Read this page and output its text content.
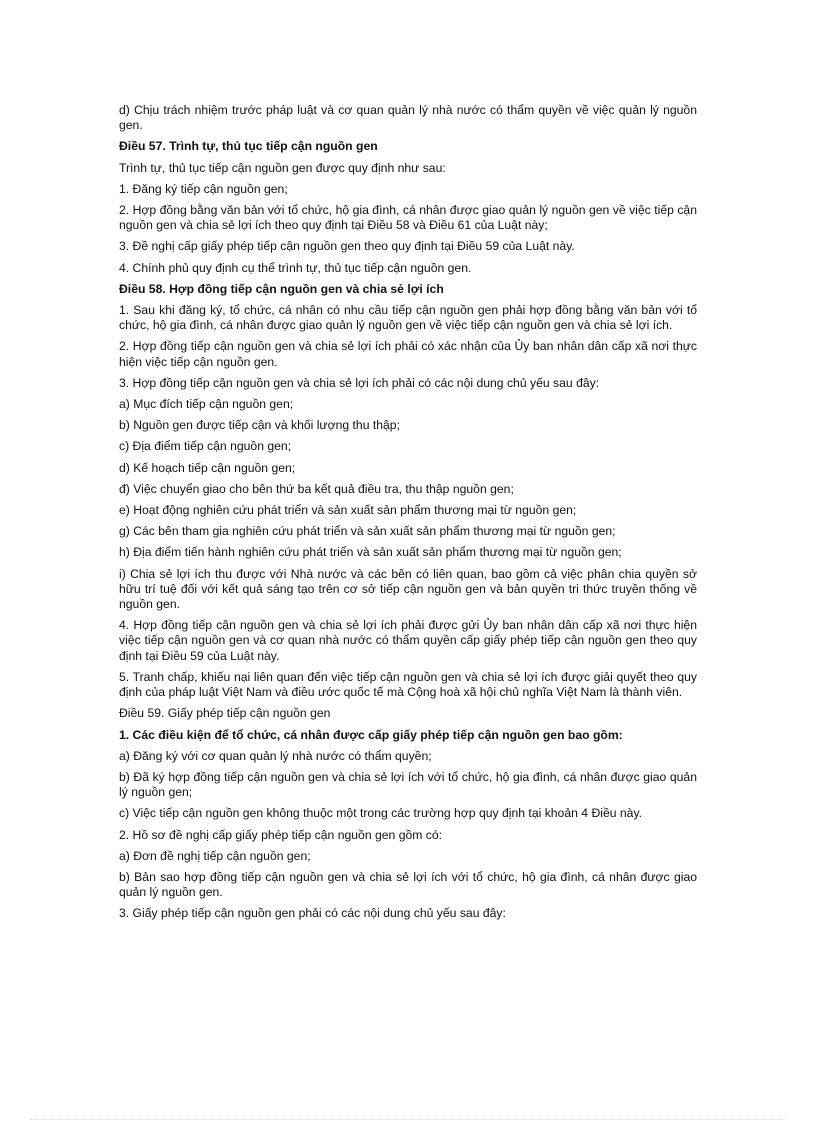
d) Chịu trách nhiệm trước pháp luật và cơ quan quản lý nhà nước có thẩm quyền về việc quản lý nguồn gen.

Điều 57. Trình tự, thủ tục tiếp cận nguồn gen

Trình tự, thủ tục tiếp cận nguồn gen được quy định như sau:

1. Đăng ký tiếp cận nguồn gen;

2. Hợp đồng bằng văn bản với tổ chức, hộ gia đình, cá nhân được giao quản lý nguồn gen về việc tiếp cận nguồn gen và chia sẻ lợi ích theo quy định tại Điều 58 và Điều 61 của Luật này;

3. Đề nghị cấp giấy phép tiếp cận nguồn gen theo quy định tại Điều 59 của Luật này.

4. Chính phủ quy định cụ thể trình tự, thủ tục tiếp cận nguồn gen.

Điều 58. Hợp đồng tiếp cận nguồn gen và chia sẻ lợi ích

1. Sau khi đăng ký, tổ chức, cá nhân có nhu cầu tiếp cận nguồn gen phải hợp đồng bằng văn bản với tổ chức, hộ gia đình, cá nhân được giao quản lý nguồn gen về việc tiếp cận nguồn gen và chia sẻ lợi ích.

2. Hợp đồng tiếp cận nguồn gen và chia sẻ lợi ích phải có xác nhận của Ủy ban nhân dân cấp xã nơi thực hiện việc tiếp cận nguồn gen.

3. Hợp đồng tiếp cận nguồn gen và chia sẻ lợi ích phải có các nội dung chủ yếu sau đây:

a) Mục đích tiếp cận nguồn gen;

b) Nguồn gen được tiếp cận và khối lượng thu thập;

c) Địa điểm tiếp cận nguồn gen;

d) Kế hoạch tiếp cận nguồn gen;

đ) Việc chuyển giao cho bên thứ ba kết quả điều tra, thu thập nguồn gen;

e) Hoạt động nghiên cứu phát triển và sản xuất sản phẩm thương mại từ nguồn gen;

g) Các bên tham gia nghiên cứu phát triển và sản xuất sản phẩm thương mại từ nguồn gen;

h) Địa điểm tiến hành nghiên cứu phát triển và sản xuất sản phẩm thương mại từ nguồn gen;

i) Chia sẻ lợi ích thu được với Nhà nước và các bên có liên quan, bao gồm cả việc phân chia quyền sở hữu trí tuệ đối với kết quả sáng tạo trên cơ sở tiếp cận nguồn gen và bản quyền tri thức truyền thống về nguồn gen.

4. Hợp đồng tiếp cận nguồn gen và chia sẻ lợi ích phải được gửi Ủy ban nhân dân cấp xã nơi thực hiện việc tiếp cận nguồn gen và cơ quan nhà nước có thẩm quyền cấp giấy phép tiếp cận nguồn gen theo quy định tại Điều 59 của Luật này.

5. Tranh chấp, khiếu nại liên quan đến việc tiếp cận nguồn gen và chia sẻ lợi ích được giải quyết theo quy định của pháp luật Việt Nam và điều ước quốc tế mà Cộng hoà xã hội chủ nghĩa Việt Nam là thành viên.

Điều 59. Giấy phép tiếp cận nguồn gen

1. Các điều kiện để tổ chức, cá nhân được cấp giấy phép tiếp cận nguồn gen bao gồm:

a) Đăng ký với cơ quan quản lý nhà nước có thẩm quyền;

b) Đã ký hợp đồng tiếp cận nguồn gen và chia sẻ lợi ích với tổ chức, hộ gia đình, cá nhân được giao quản lý nguồn gen;

c) Việc tiếp cận nguồn gen không thuộc một trong các trường hợp quy định tại khoản 4 Điều này.

2. Hồ sơ đề nghị cấp giấy phép tiếp cận nguồn gen gồm có:

a) Đơn đề nghị tiếp cận nguồn gen;

b) Bản sao hợp đồng tiếp cận nguồn gen và chia sẻ lợi ích với tổ chức, hộ gia đình, cá nhân được giao quản lý nguồn gen.

3. Giấy phép tiếp cận nguồn gen phải có các nội dung chủ yếu sau đây:
